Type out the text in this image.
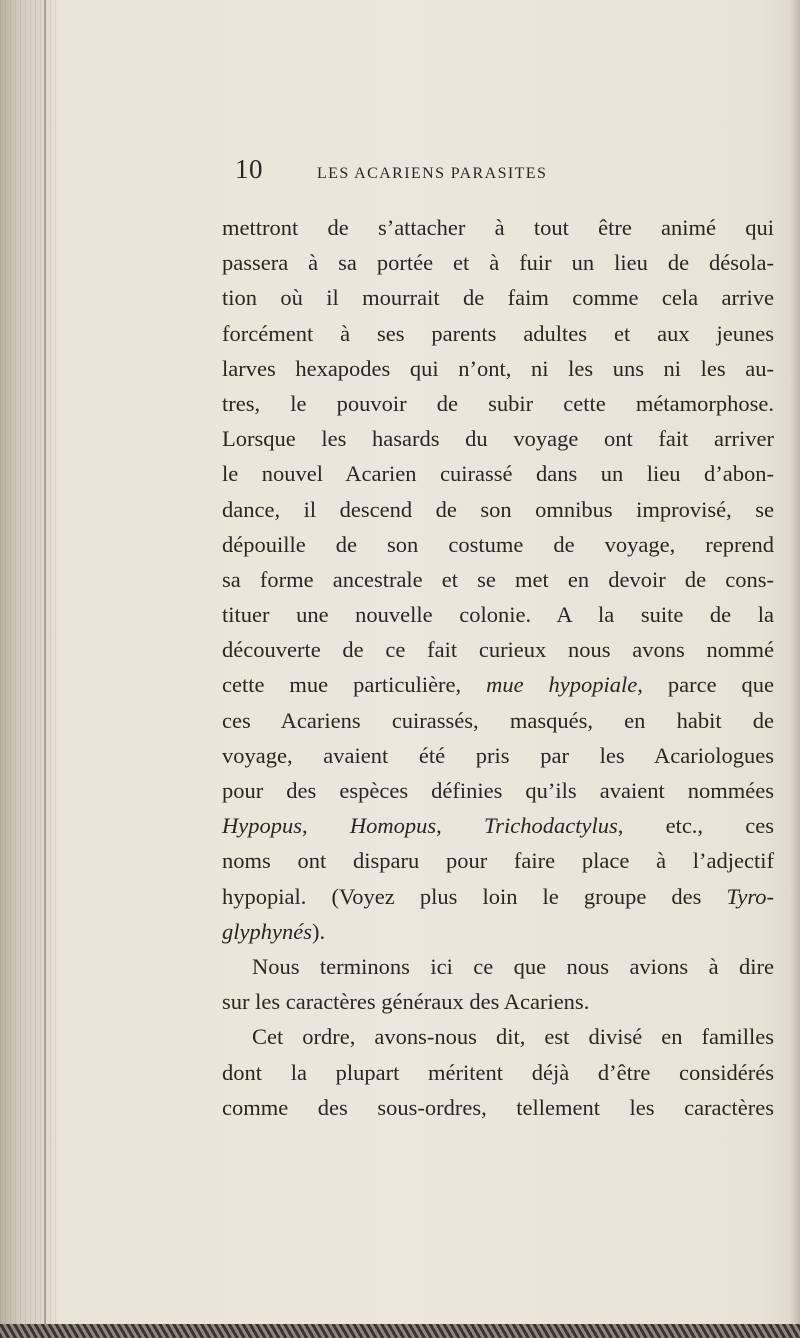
10	LES ACARIENS PARASITES
mettront de s’attacher à tout être animé qui
passera à sa portée et à fuir un lieu de désola-
tion où il mourrait de faim comme cela arrive
forcément à ses parents adultes et aux jeunes
larves hexapodes qui n’ont, ni les uns ni les au-
tres, le pouvoir de subir cette métamorphose.
Lorsque les hasards du voyage ont fait arriver
le nouvel Acarien cuirassé dans un lieu d’abon-
dance, il descend de son omnibus improvisé, se
dépouille de son costume de voyage, reprend
sa forme ancestrale et se met en devoir de cons-
tituer une nouvelle colonie. A la suite de la
découverte de ce fait curieux nous avons nommé
cette mue particulière, mue hypopiale, parce que
ces Acariens cuirassés, masqués, en habit de
voyage, avaient été pris par les Acariologues
pour des espèces définies qu’ils avaient nommées
Hypopus, Homopus, Trichodactylus, etc., ces
noms ont disparu pour faire place à l’adjectif
hypopial. (Voyez plus loin le groupe des Tyro-
glyphynés).
Nous terminons ici ce que nous avions à dire
sur les caractères généraux des Acariens.
Cet ordre, avons-nous dit, est divisé en familles
dont la plupart méritent déjà d’être considérés
comme des sous-ordres, tellement les caractères
